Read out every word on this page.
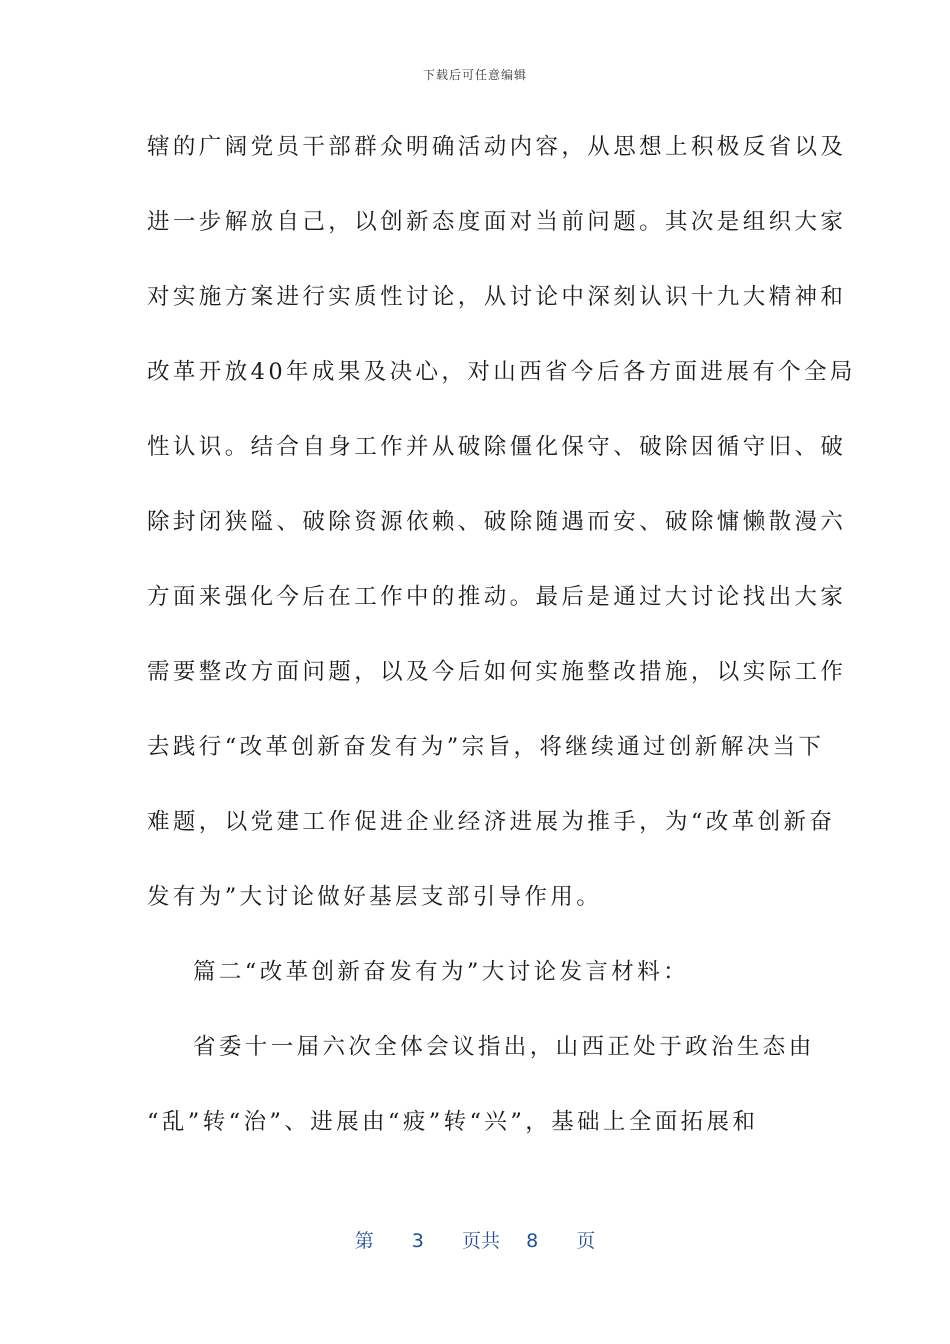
下载后可任意编辑
辖的广阔党员干部群众明确活动内容，从思想上积极反省以及
进一步解放自己，以创新态度面对当前问题。其次是组织大家
对实施方案进行实质性讨论，从讨论中深刻认识十九大精神和
改革开放40年成果及决心，对山西省今后各方面进展有个全局
性认识。结合自身工作并从破除僵化保守、破除因循守旧、破
除封闭狭隘、破除资源依赖、破除随遇而安、破除慵懒散漫六
方面来强化今后在工作中的推动。最后是通过大讨论找出大家
需要整改方面问题，以及今后如何实施整改措施，以实际工作
去践行“改革创新奋发有为”宗旨，将继续通过创新解决当下
难题，以党建工作促进企业经济进展为推手，为“改革创新奋
发有为”大讨论做好基层支部引导作用。
篇二“改革创新奋发有为”大讨论发言材料：
省委十一届六次全体会议指出，山西正处于政治生态由
“乱”转“治”、进展由“疲”转“兴”，基础上全面拓展和
第 3 页共 8 页
